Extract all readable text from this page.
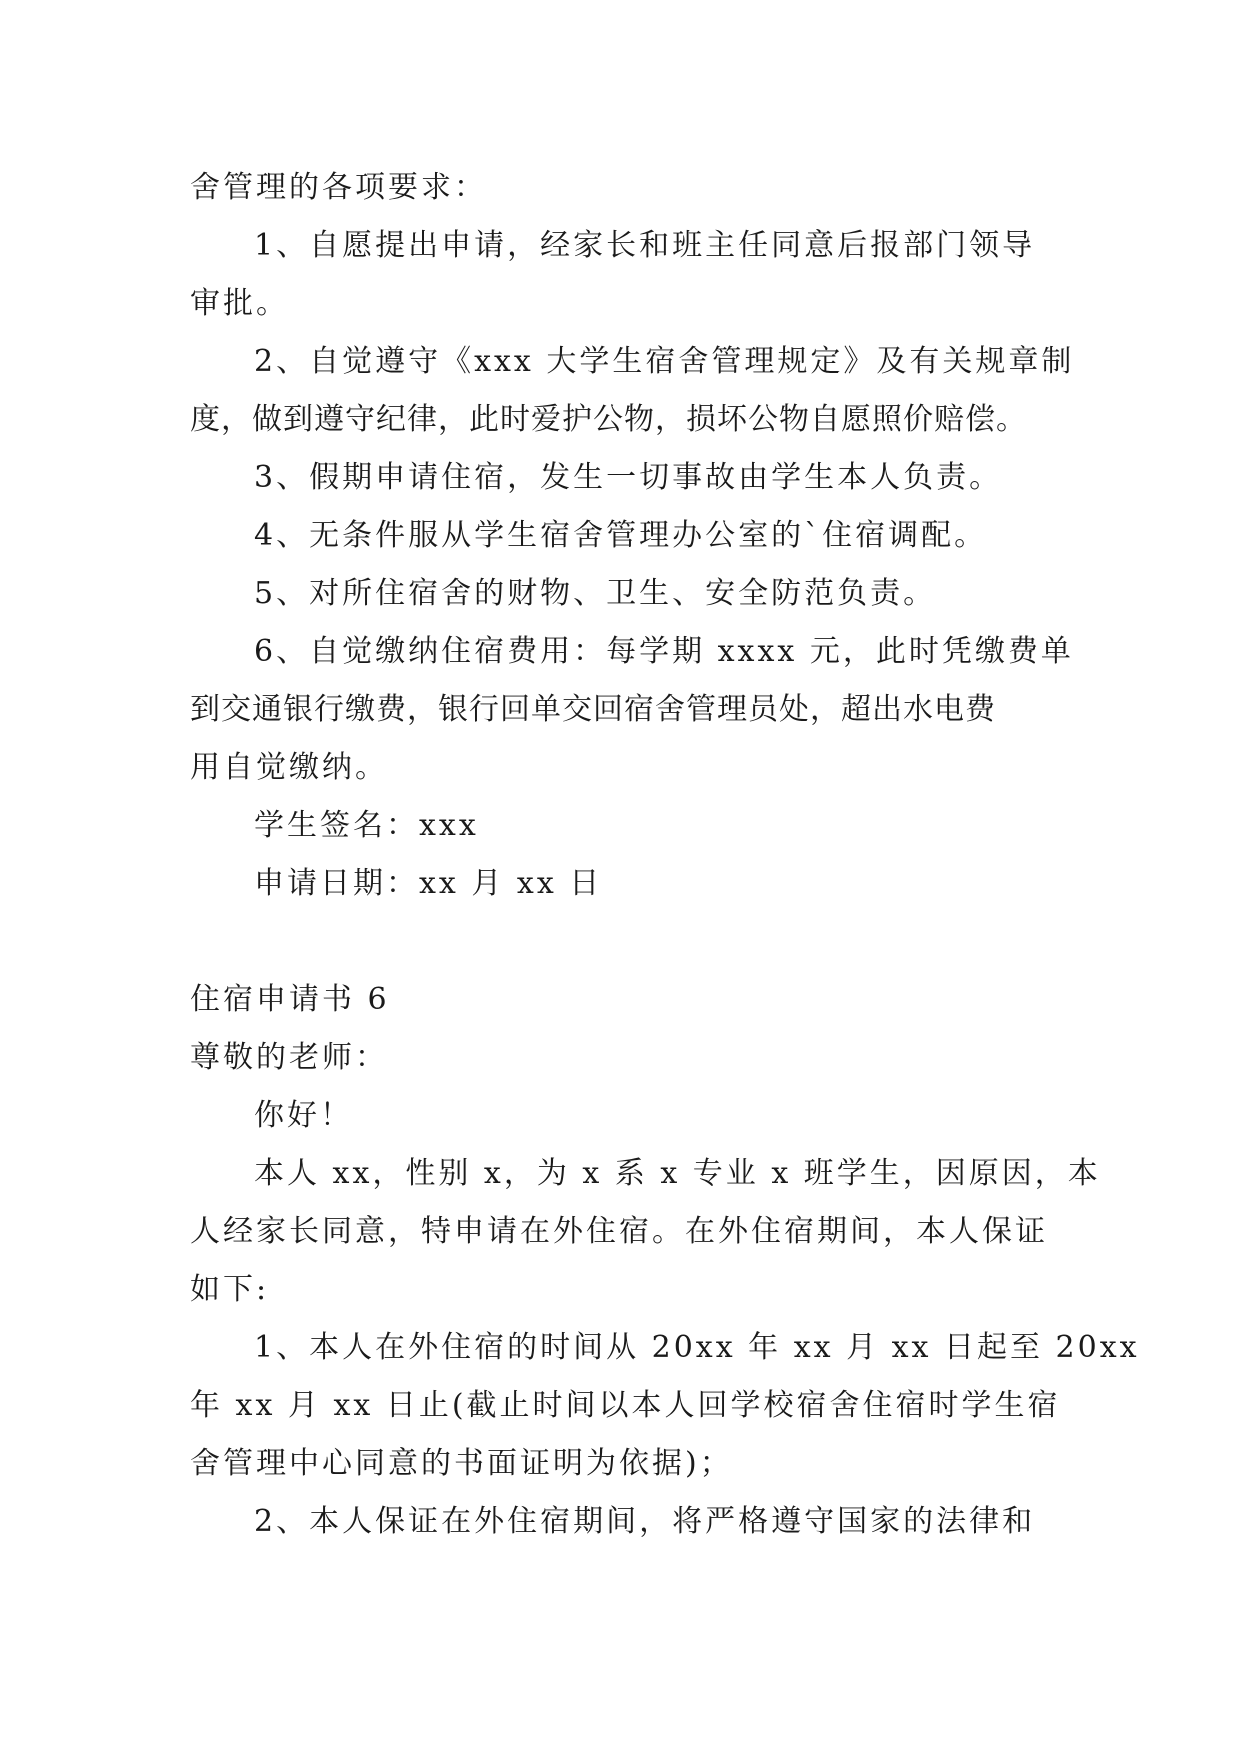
舍管理的各项要求：
1、自愿提出申请，经家长和班主任同意后报部门领导
审批。
2、自觉遵守《xxx 大学生宿舍管理规定》及有关规章制
度，做到遵守纪律，此时爱护公物，损坏公物自愿照价赔偿。
3、假期申请住宿，发生一切事故由学生本人负责。
4、无条件服从学生宿舍管理办公室的`住宿调配。
5、对所住宿舍的财物、卫生、安全防范负责。
6、自觉缴纳住宿费用：每学期 xxxx 元，此时凭缴费单
到交通银行缴费，银行回单交回宿舍管理员处，超出水电费
用自觉缴纳。
学生签名：xxx
申请日期：xx 月 xx 日
住宿申请书 6
尊敬的老师：
你好！
本人 xx，性别 x，为 x 系 x 专业 x 班学生，因原因，本
人经家长同意，特申请在外住宿。在外住宿期间，本人保证
如下:
1、本人在外住宿的时间从 20xx 年 xx 月 xx 日起至 20xx
年 xx 月 xx 日止(截止时间以本人回学校宿舍住宿时学生宿
舍管理中心同意的书面证明为依据)；
2、本人保证在外住宿期间，将严格遵守国家的法律和
